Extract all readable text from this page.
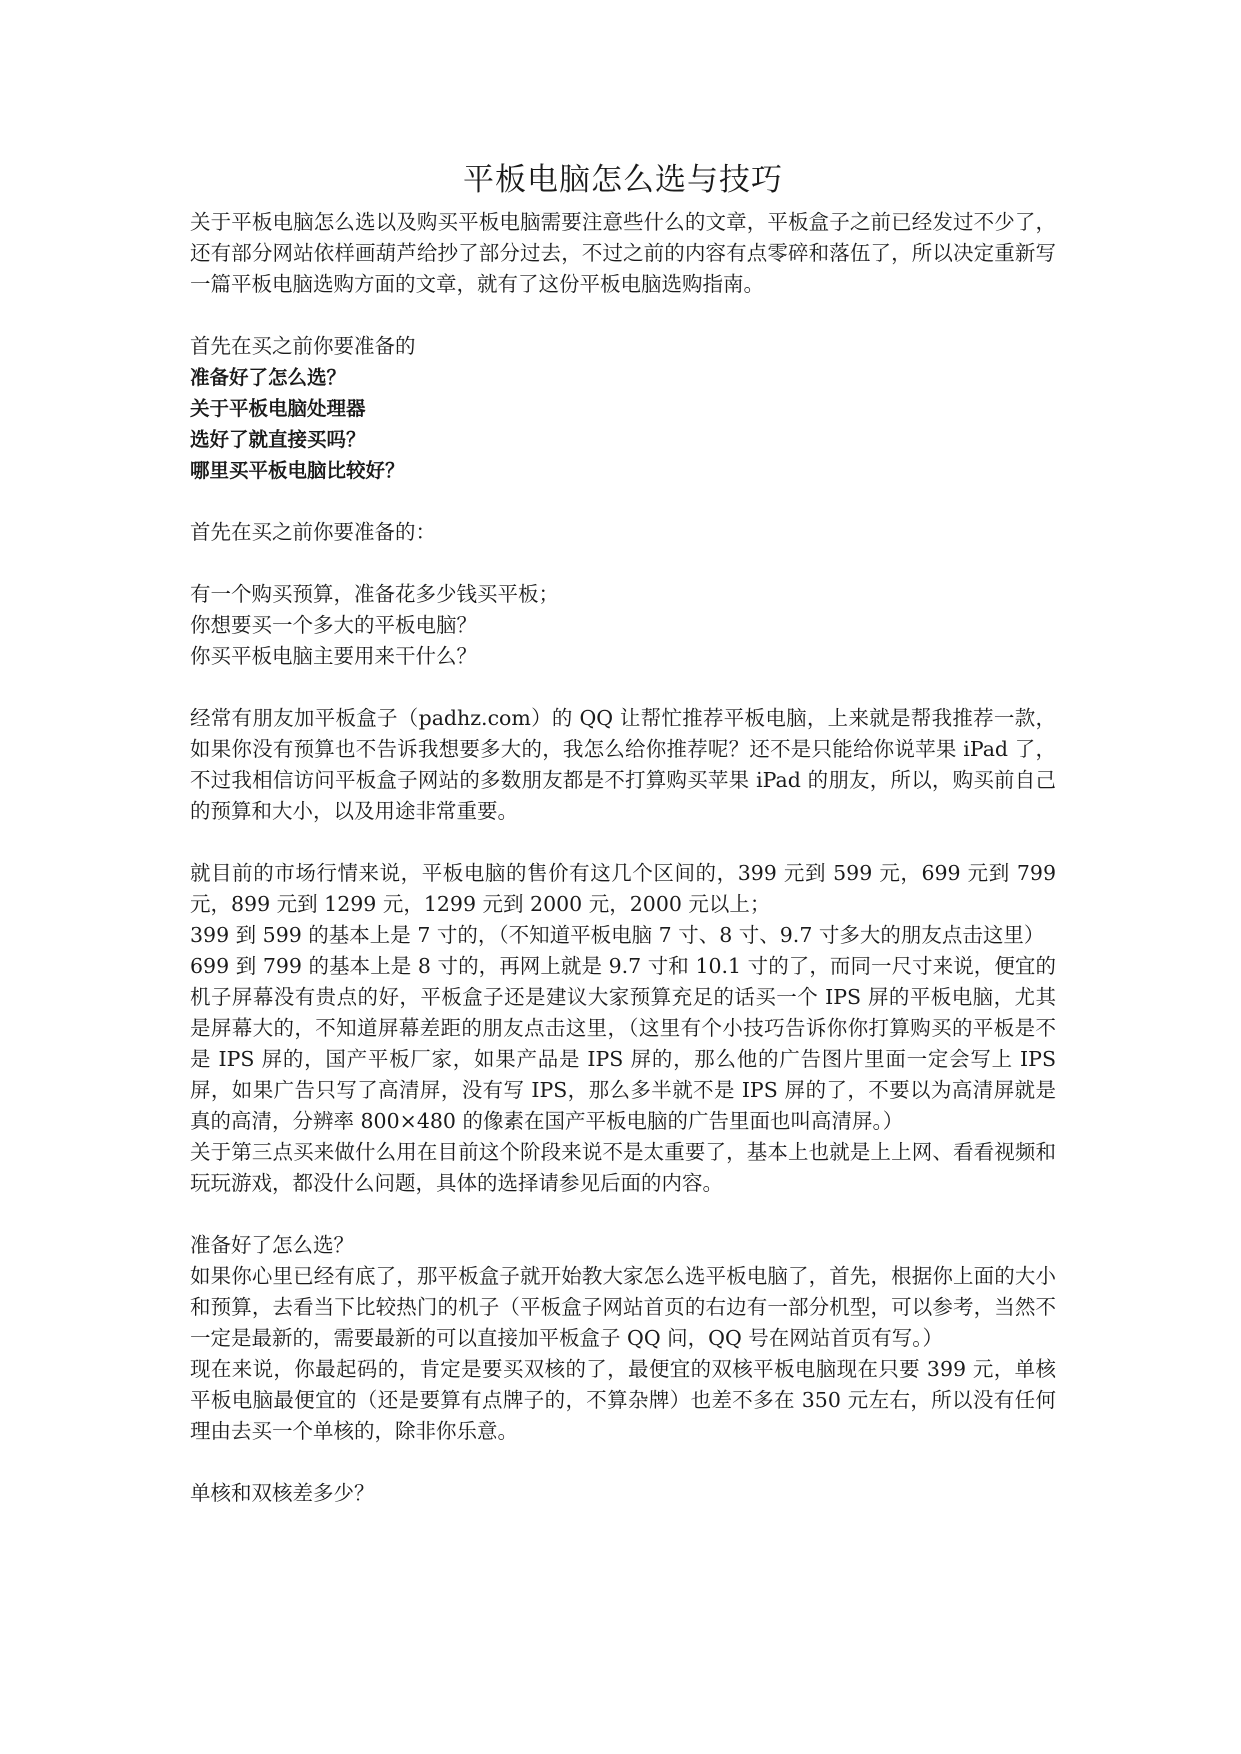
平板电脑怎么选与技巧

关于平板电脑怎么选以及购买平板电脑需要注意些什么的文章，平板盒子之前已经发过不少了，还有部分网站依样画葫芦给抄了部分过去，不过之前的内容有点零碎和落伍了，所以决定重新写一篇平板电脑选购方面的文章，就有了这份平板电脑选购指南。

首先在买之前你要准备的

准备好了怎么选？
关于平板电脑处理器
选好了就直接买吗？
哪里买平板电脑比较好？

首先在买之前你要准备的：

有一个购买预算，准备花多少钱买平板；
你想要买一个多大的平板电脑？
你买平板电脑主要用来干什么？

经常有朋友加平板盒子（padhz.com）的 QQ 让帮忙推荐平板电脑，上来就是帮我推荐一款，如果你没有预算也不告诉我想要多大的，我怎么给你推荐呢？还不是只能给你说苹果 iPad 了，不过我相信访问平板盒子网站的多数朋友都是不打算购买苹果 iPad 的朋友，所以，购买前自己的预算和大小，以及用途非常重要。

就目前的市场行情来说，平板电脑的售价有这几个区间的，399 元到 599 元，699 元到 799 元，899 元到 1299 元，1299 元到 2000 元，2000 元以上；

399 到 599 的基本上是 7 寸的，（不知道平板电脑 7 寸、8 寸、9.7 寸多大的朋友点击这里）

699 到 799 的基本上是 8 寸的，再网上就是 9.7 寸和 10.1 寸的了，而同一尺寸来说，便宜的机子屏幕没有贵点的好，平板盒子还是建议大家预算充足的话买一个 IPS 屏的平板电脑，尤其是屏幕大的，不知道屏幕差距的朋友点击这里，（这里有个小技巧告诉你你打算购买的平板是不是 IPS 屏的，国产平板厂家，如果产品是 IPS 屏的，那么他的广告图片里面一定会写上 IPS 屏，如果广告只写了高清屏，没有写 IPS，那么多半就不是 IPS 屏的了，不要以为高清屏就是真的高清，分辨率 800×480 的像素在国产平板电脑的广告里面也叫高清屏。）

关于第三点买来做什么用在目前这个阶段来说不是太重要了，基本上也就是上上网、看看视频和玩玩游戏，都没什么问题，具体的选择请参见后面的内容。

准备好了怎么选？

如果你心里已经有底了，那平板盒子就开始教大家怎么选平板电脑了，首先，根据你上面的大小和预算，去看当下比较热门的机子（平板盒子网站首页的右边有一部分机型，可以参考，当然不一定是最新的，需要最新的可以直接加平板盒子 QQ 问，QQ 号在网站首页有写。）

现在来说，你最起码的，肯定是要买双核的了，最便宜的双核平板电脑现在只要 399 元，单核平板电脑最便宜的（还是要算有点牌子的，不算杂牌）也差不多在 350 元左右，所以没有任何理由去买一个单核的，除非你乐意。

单核和双核差多少？
